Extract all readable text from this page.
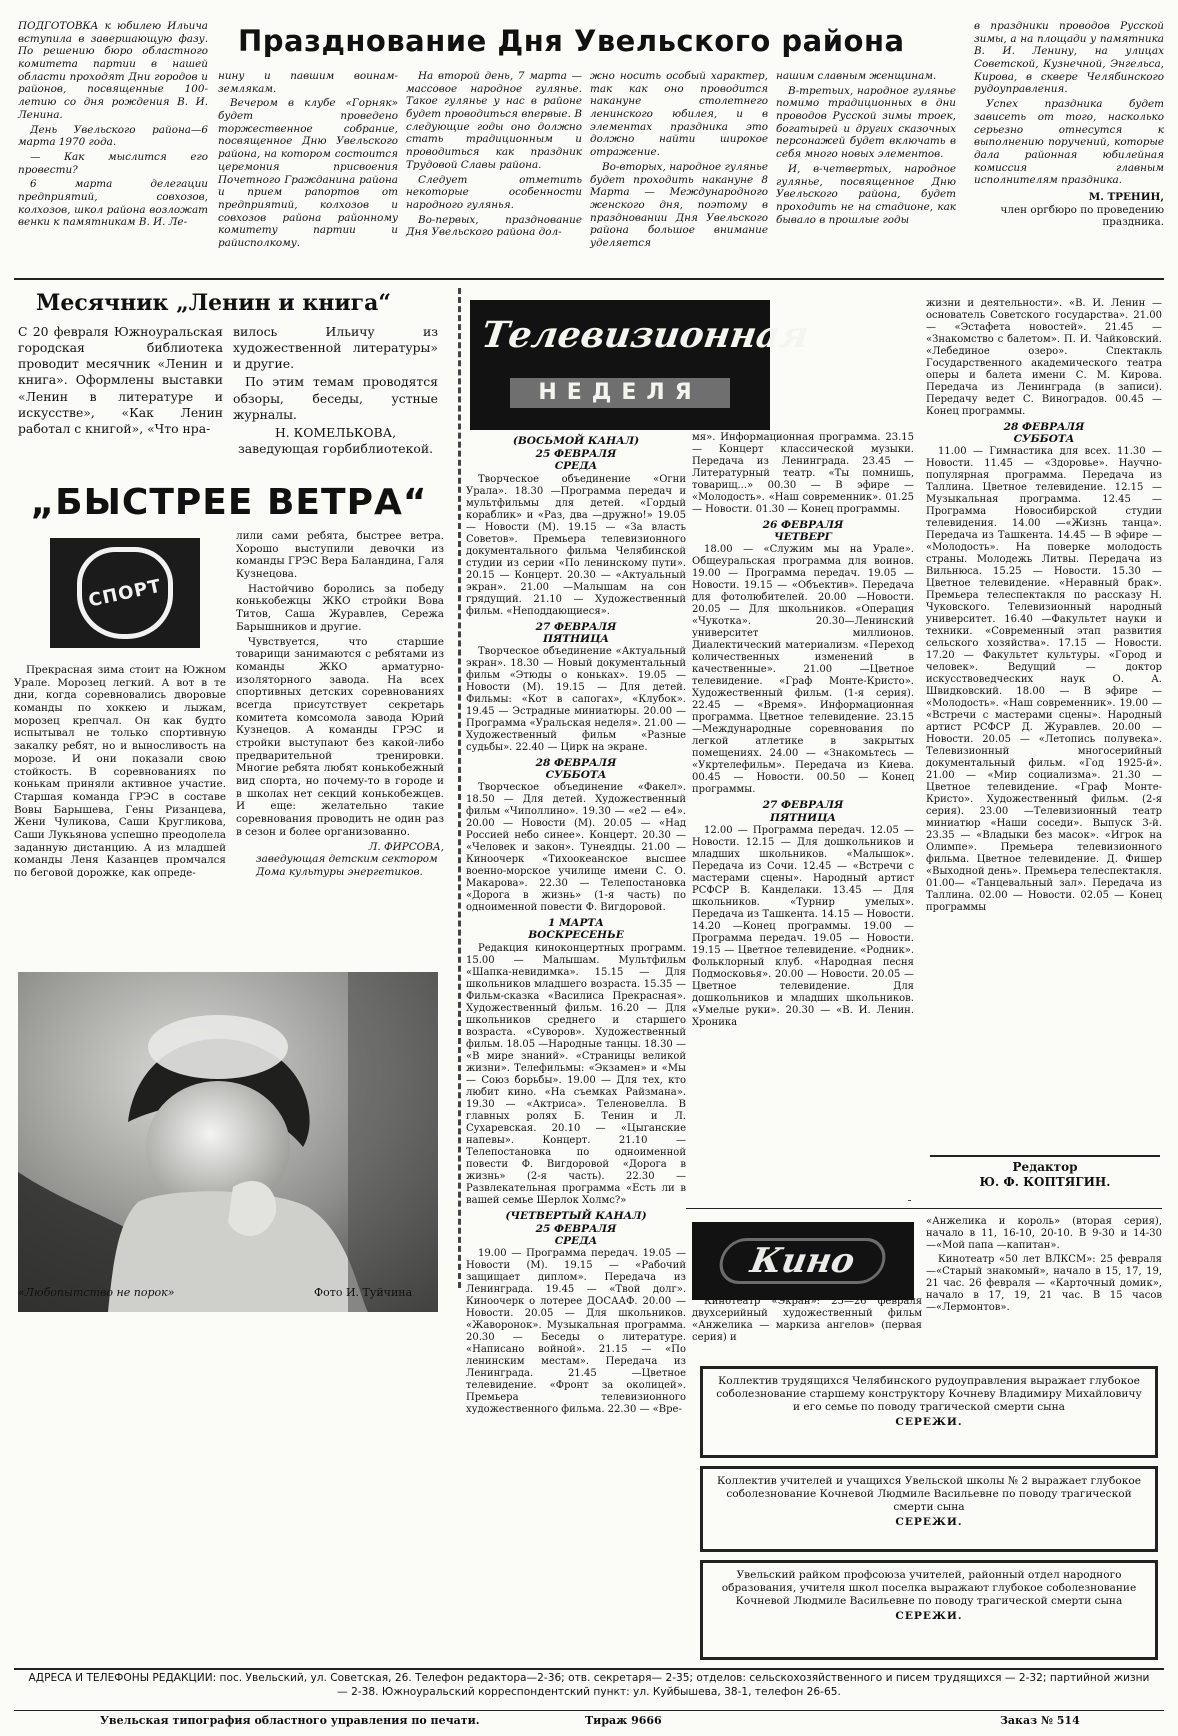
Празднование Дня Увельского района

ПОДГОТОВКА к юбилею Ильича вступила в завершающую фазу. По решению бюро областного комитета партии в нашей области проходят Дни городов и районов, посвященные 100-летию со дня рождения В. И. Ленина.

День Увельского района—6 марта 1970 года.

— Как мыслится его провести?

6 марта делегации предприятий, совхозов, колхозов, школ района возложат венки к памятникам В. И. Ле-

нину и павшим воинам-землякам.

Вечером в клубе «Горняк» будет проведено торжественное собрание, посвященное Дню Увельского района, на котором состоится церемония присвоения Почетного Гражданина района и прием рапортов от предприятий, колхозов и совхозов района районному комитету партии и райисполкому.

На второй день, 7 марта — массовое народное гулянье. Такое гулянье у нас в районе будет проводиться впервые. В следующие годы оно должно стать традиционным и проводиться как праздник Трудовой Славы района.

Следует отметить некоторые особенности народного гулянья.

Во-первых, празднование Дня Увельского района дол-

жно носить особый характер, так как оно проводится накануне столетнего ленинского юбилея, и в элементах праздника это должно найти широкое отражение.

Во-вторых, народное гулянье будет проходить накануне 8 Марта — Международного женского дня, поэтому в праздновании Дня Увельского района большое внимание уделяется

нашим славным женщинам.

В-третьих, народное гулянье помимо традиционных в дни проводов Русской зимы троек, богатырей и других сказочных персонажей будет включать в себя много новых элементов.

И, в-четвертых, народное гулянье, посвященное Дню Увельского района, будет проходить не на стадионе, как бывало в прошлые годы

в праздники проводов Русской зимы, а на площади у памятника В. И. Ленину, на улицах Советской, Кузнечной, Энгельса, Кирова, в сквере Челябинского рудоуправления.

Успех праздника будет зависеть от того, насколько серьезно отнесутся к выполнению поручений, которые дала районная юбилейная комиссия главным исполнителям праздника.

М. ТРЕНИН,
член оргбюро по проведению праздника.
Месячник „Ленин и книга“

С 20 февраля Южноуральская городская библиотека проводит месячник «Ленин и книга». Оформлены выставки «Ленин в литературе и искусстве», «Как Ленин работал с книгой», «Что нра-

вилось Ильичу из художественной литературы» и другие.

По этим темам проводятся обзоры, беседы, устные журналы.

Н. КОМЕЛЬКОВА,
заведующая горбиблиотекой.
„БЫСТРЕЕ ВЕТРА“
СПОРТ

Прекрасная зима стоит на Южном Урале. Морозец легкий. А вот в те дни, когда соревновались дворовые команды по хоккею и лыжам, морозец крепчал. Он как будто испытывал не только спортивную закалку ребят, но и выносливость на морозе. И они показали свою стойкость. В соревнованиях по конькам приняли активное участие. Старшая команда ГРЭС в составе Вовы Барышева, Гены Ризанцева, Жени Чуликова, Саши Кругликова, Саши Лукьянова успешно преодолела заданную дистанцию. А из младшей команды Леня Казанцев промчался по беговой дорожке, как опреде-

лили сами ребята, быстрее ветра. Хорошо выступили девочки из команды ГРЭС Вера Баландина, Галя Кузнецова.

Настойчиво боролись за победу конькобежцы ЖКО стройки Вова Титов, Саша Журавлев, Сережа Барышников и другие.

Чувствуется, что старшие товарищи занимаются с ребятами из команды ЖКО арматурно-изоляторного завода. На всех спортивных детских соревнованиях всегда присутствует секретарь комитета комсомола завода Юрий Кузнецов. А команды ГРЭС и стройки выступают без какой-либо предварительной тренировки. Многие ребята любят конькобежный вид спорта, но почему-то в городе и в школах нет секций конькобежцев. И еще: желательно такие соревнования проводить не один раз в сезон и более организованно.

Л. ФИРСОВА,
заведующая детским сектором Дома культуры энергетиков.
«Любопытство не порок»	Фото И. Туйчина
Телевизионная
НЕДЕЛЯ
(ВОСЬМОЙ КАНАЛ)
25 ФЕВРАЛЯ
СРЕДА

Творческое объединение «Огни Урала». 18.30 —Программа передач и мультфильмы для детей. «Гордый кораблик» и «Раз, два —дружно!» 19.05 — Новости (М). 19.15 — «За власть Советов». Премьера телевизионного документального фильма Челябинской студии из серии «По ленинскому пути». 20.15 — Концерт. 20.30 — «Актуальный экран». 21.00 —Малышам на сон грядущий. 21.10 — Художественный фильм. «Неподдающиеся».

27 ФЕВРАЛЯ
ПЯТНИЦА

Творческое объединение «Актуальный экран». 18.30 — Новый документальный фильм «Этюды о коньках». 19.05 — Новости (М). 19.15 — Для детей. Фильмы: «Кот в сапогах», «Клубок». 19.45 — Эстрадные миниатюры. 20.00 — Программа «Уральская неделя». 21.00 — Художественный фильм «Разные судьбы». 22.40 — Цирк на экране.

28 ФЕВРАЛЯ
СУББОТА

Творческое объединение «Факел». 18.50 — Для детей. Художественный фильм «Чиполлино». 19.30 — «е2 — е4». 20.00 — Новости (М). 20.05 — «Над Россией небо синее». Концерт. 20.30 — «Человек и закон». Тунеядцы. 21.00 — Киноочерк «Тихоокеанское высшее военно-морское училище имени С. О. Макарова». 22.30 — Телепостановка «Дорога в жизнь» (1-я часть) по одноименной повести Ф. Вигдоровой.

1 МАРТА
ВОСКРЕСЕНЬЕ

Редакция киноконцертных программ. 15.00 — Малышам. Мультфильм «Шапка-невидимка». 15.15 — Для школьников младшего возраста. 15.35 — Фильм-сказка «Василиса Прекрасная». Художественный фильм. 16.20 — Для школьников среднего и старшего возраста. «Суворов». Художественный фильм. 18.05 —Народные танцы. 18.30 — «В мире знаний». «Страницы великой жизни». Телефильмы: «Экзамен» и «Мы — Союз борьбы». 19.00 — Для тех, кто любит кино. «На съемках Райзмана». 19.30 — «Актриса». Теленовелла. В главных ролях Б. Тенин и Л. Сухаревская. 20.10 — «Цыганские напевы». Концерт. 21.10 — Телепостановка по одноименной повести Ф. Вигдоровой «Дорога в жизнь» (2-я часть). 22.30 — Развлекательная программа «Есть ли в вашей семье Шерлок Холмс?»

(ЧЕТВЕРТЫЙ КАНАЛ)
25 ФЕВРАЛЯ
СРЕДА

19.00 — Программа передач. 19.05 — Новости (М). 19.15 — «Рабочий защищает диплом». Передача из Ленинграда. 19.45 — «Твой долг». Киноочерк о лотерее ДОСААФ. 20.00 — Новости. 20.05 — Для школьников. «Жаворонок». Музыкальная программа. 20.30 — Беседы о литературе. «Написано войной». 21.15 — «По ленинским местам». Передача из Ленинграда. 21.45 —Цветное телевидение. «Фронт за околицей». Премьера телевизионного художественного фильма. 22.30 — «Вре-

мя». Информационная программа. 23.15 — Концерт классической музыки. Передача из Ленинграда. 23.45 — Литературный театр. «Ты помнишь, товарищ...» 00.30 — В эфире — «Молодость». «Наш современник». 01.25 — Новости. 01.30 — Конец программы.

26 ФЕВРАЛЯ
ЧЕТВЕРГ

18.00 — «Служим мы на Урале». Общеуральская программа для воинов. 19.00 — Программа передач. 19.05 — Новости. 19.15 — «Объектив». Передача для фотолюбителей. 20.00 —Новости. 20.05 — Для школьников. «Операция «Чукотка». 20.30—Ленинский университет миллионов. Диалектический материализм. «Переход количественных изменений в качественные». 21.00 —Цветное телевидение. «Граф Монте-Кристо». Художественный фильм. (1-я серия). 22.45 — «Время». Информационная программа. Цветное телевидение. 23.15 —Международные соревнования по легкой атлетике в закрытых помещениях. 24.00 — «Знакомьтесь — «Укртелефильм». Передача из Киева. 00.45 — Новости. 00.50 — Конец программы.

27 ФЕВРАЛЯ
ПЯТНИЦА

12.00 — Программа передач. 12.05 — Новости. 12.15 — Для дошкольников и младших школьников. «Малышок». Передача из Сочи. 12.45 — «Встречи с мастерами сцены». Народный артист РСФСР В. Канделаки. 13.45 — Для школьников. «Турнир умелых». Передача из Ташкента. 14.15 — Новости. 14.20 —Конец программы. 19.00 — Программа передач. 19.05 — Новости. 19.15 — Цветное телевидение. «Родник». Фольклорный клуб. «Народная песня Подмосковья». 20.00 — Новости. 20.05 — Цветное телевидение. Для дошкольников и младших школьников. «Умелые руки». 20.30 — «В. И. Ленин. Хроника

жизни и деятельности». «В. И. Ленин — основатель Советского государства». 21.00 — «Эстафета новостей». 21.45 — «Знакомство с балетом». П. И. Чайковский. «Лебединое озеро». Спектакль Государственного академического театра оперы и балета имени С. М. Кирова. Передача из Ленинграда (в записи). Передачу ведет С. Виноградов. 00.45 — Конец программы.

28 ФЕВРАЛЯ
СУББОТА

11.00 — Гимнастика для всех. 11.30 — Новости. 11.45 — «Здоровье». Научно-популярная программа. Передача из Таллина. Цветное телевидение. 12.15 —Музыкальная программа. 12.45 — Программа Новосибирской студии телевидения. 14.00 —«Жизнь танца». Передача из Ташкента. 14.45 — В эфире — «Молодость». На поверке молодость страны. Молодежь Литвы. Передача из Вильнюса. 15.25 — Новости. 15.30 —Цветное телевидение. «Неравный брак». Премьера телеспектакля по рассказу Н. Чуковского. Телевизионный народный университет. 16.40 —Факультет науки и техники. «Современный этап развития сельского хозяйства». 17.15 — Новости. 17.20 — Факультет культуры. «Город и человек». Ведущий — доктор искусствоведческих наук О. А. Швидковский. 18.00 — В эфире — «Молодость». «Наш современник». 19.00 — «Встречи с мастерами сцены». Народный артист РСФСР Д. Журавлев. 20.00 — Новости. 20.05 — «Летопись полувека». Телевизионный многосерийный документальный фильм. «Год 1925-й». 21.00 — «Мир социализма». 21.30 — Цветное телевидение. «Граф Монте-Кристо». Художественный фильм. (2-я серия). 23.00 —Телевизионный театр миниатюр «Наши соседи». Выпуск 3-й. 23.35 — «Владыки без масок». «Игрок на Олимпе». Премьера телевизионного фильма. Цветное телевидение. Д. Фишер «Выходной день». Премьера телеспектакля. 01.00— «Танцевальный зал». Передача из Таллина. 02.00 — Новости. 02.05 — Конец программы

Редактор
Ю. Ф. КОПТЯГИН.
Кино

«Анжелика и король» (вторая серия), начало в 11, 16-10, 20-10. В 9-30 и 14-30 —«Мой папа —капитан».

Кинотеатр «50 лет ВЛКСМ»: 25 февраля—«Старый знакомый», начало в 15, 17, 19, 21 час. 26 февраля — «Карточный домик», начало в 17, 19, 21 час. В 15 часов—«Лермонтов».

Кинотеатр «Экран»: 25—26 февраля двухсерийный художественный фильм «Анжелика — маркиза ангелов» (первая серия) и

Коллектив трудящихся Челябинского рудоуправления выражает глубокое соболезнование старшему конструктору Кочневу Владимиру Михайловичу и его семье по поводу трагической смерти сына
СЕРЕЖИ.
Коллектив учителей и учащихся Увельской школы № 2 выражает глубокое соболезнование Кочневой Людмиле Васильевне по поводу трагической смерти сына
СЕРЕЖИ.
Увельский райком профсоюза учителей, районный отдел народного образования, учителя школ поселка выражают глубокое соболезнование Кочневой Людмиле Васильевне по поводу трагической смерти сына
СЕРЕЖИ.
АДРЕСА И ТЕЛЕФОНЫ РЕДАКЦИИ: пос. Увельский, ул. Советская, 26. Телефон редактора—2-36; отв. секретаря— 2-35; отделов: сельскохозяйственного и писем трудящихся — 2-32; партийной жизни — 2-38. Южноуральский корреспондентский пункт: ул. Куйбышева, 38-1, телефон 26-65.
Увельская типография областного управления по печати.	Тираж 9666	Заказ № 514
